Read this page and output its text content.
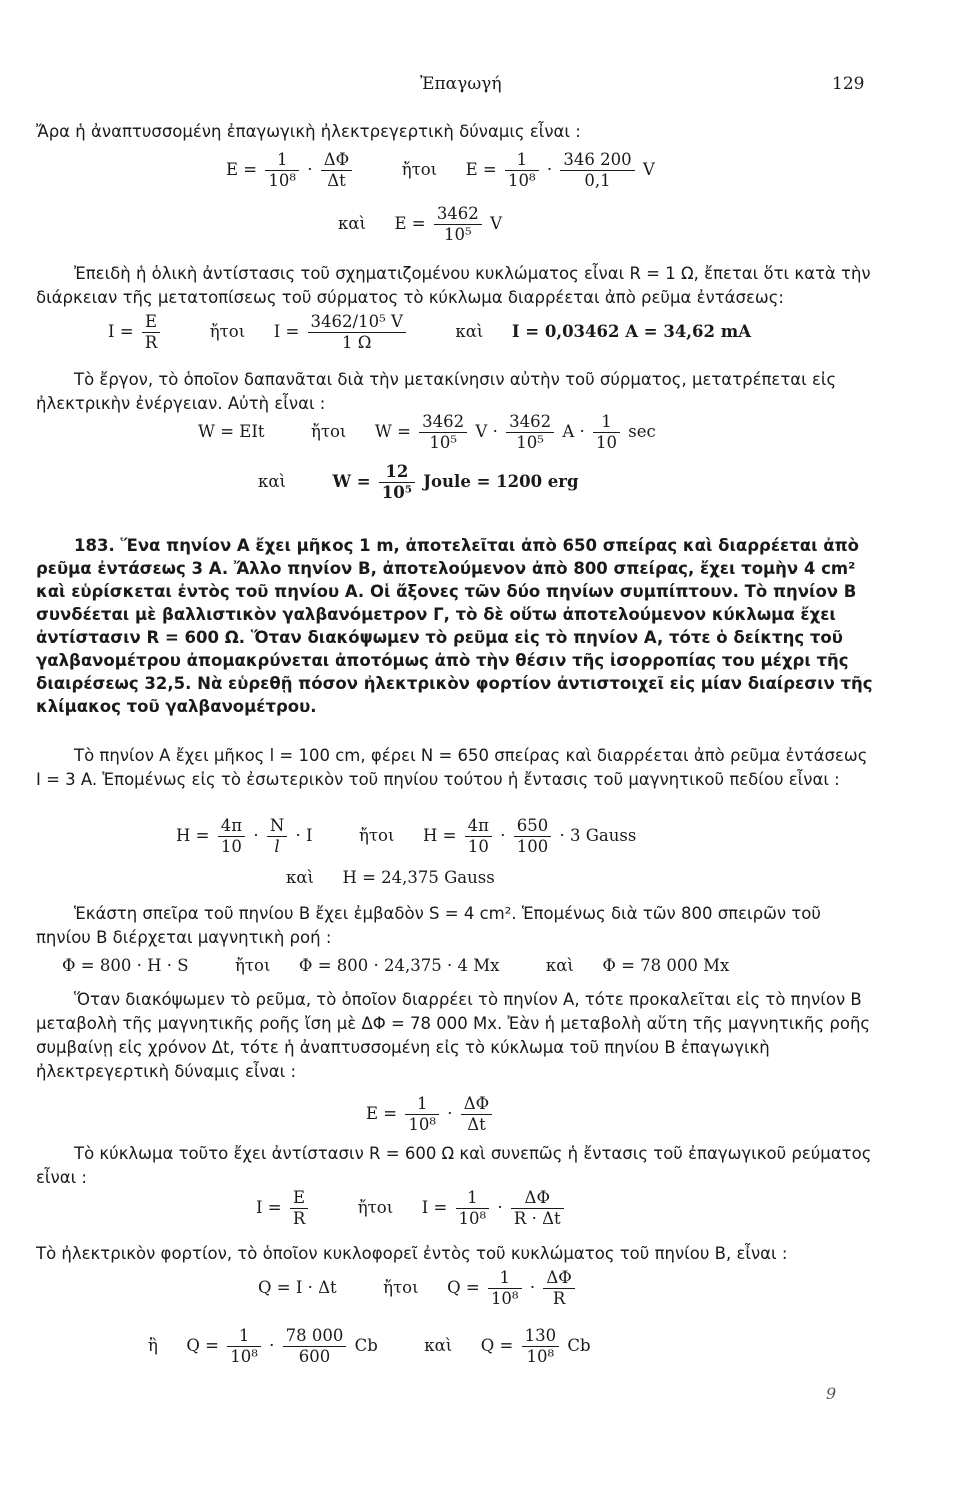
Ἐπαγωγή	129

Ἄρα ἡ ἀναπτυσσομένη ἐπαγωγικὴ ἠλεκτρεγερτικὴ δύναμις εἶναι :

$E = \frac{1}{\text{10⁸}} \cdot \frac{\Delta\Phi}{\Delta t}$	ἤτοι $E = \frac{1}{\text{10⁸}} \cdot \frac{346 200}{0,1}$ V
καὶ $E = \frac{3462}{\text{10⁵}}$ V

Ἐπειδὴ ἡ ὁλικὴ ἀντίστασις τοῦ σχηματιζομένου κυκλώματος εἶναι R = 1 Ω, ἔπεται ὅτι κατὰ τὴν διάρκειαν τῆς μετατοπίσεως τοῦ σύρματος τὸ κύκλωμα διαρρέεται ἀπὸ ρεῦμα ἐντάσεως:

$I = \frac{E}{R}$	ἤτοι $I = \frac{\text{3462/10⁵ V}}{1 \Omega}$	καὶ I = 0,03462 A = 34,62 mA

Τὸ ἔργον, τὸ ὁποῖον δαπανᾶται διὰ τὴν μετακίνησιν αὐτὴν τοῦ σύρματος, μετατρέπεται εἰς ἠλεκτρικὴν ἐνέργειαν. Αὐτὴ εἶναι :

W = EIt	ἤτοι $W = \frac{3462}{\text{10⁵}}$ $V \cdot \frac{3462}{\text{10⁵}}$ $A \cdot \frac{1}{10}$ sec
καὶ	$W = \frac{12}{\text{10⁵}}$ Joule = 1200 erg

183. Ἕνα πηνίον A ἔχει μῆκος 1 m, ἀποτελεῖται ἀπὸ 650 σπείρας καὶ διαρρέεται ἀπὸ ρεῦμα ἐντάσεως 3 A. Ἄλλο πηνίον B, ἀποτελούμενον ἀπὸ 800 σπείρας, ἔχει τομὴν 4 cm² καὶ εὑρίσκεται ἐντὸς τοῦ πηνίου A. Οἱ ἄξονες τῶν δύο πηνίων συμπίπτουν. Τὸ πηνίον B συνδέεται μὲ βαλλιστικὸν γαλβανόμετρον Γ, τὸ δὲ οὕτω ἀποτελούμενον κύκλωμα ἔχει ἀντίστασιν R = 600 Ω. Ὅταν διακόψωμεν τὸ ρεῦμα εἰς τὸ πηνίον A, τότε ὁ δείκτης τοῦ γαλβανομέτρου ἀπομακρύνεται ἀποτόμως ἀπὸ τὴν θέσιν τῆς ἰσορροπίας του μέχρι τῆς διαιρέσεως 32,5. Νὰ εὑρεθῇ πόσον ἠλεκτρικὸν φορτίον ἀντιστοιχεῖ εἰς μίαν διαίρεσιν τῆς κλίμακος τοῦ γαλβανομέτρου.

Τὸ πηνίον A ἔχει μῆκος l = 100 cm, φέρει N = 650 σπείρας καὶ διαρρέεται ἀπὸ ρεῦμα ἐντάσεως I = 3 A. Ἑπομένως εἰς τὸ ἐσωτερικὸν τοῦ πηνίου τούτου ἡ ἔντασις τοῦ μαγνητικοῦ πεδίου εἶναι :

$H = \frac{4\pi}{10} \cdot \frac{N}{l} \cdot I$	ἤτοι $H = \frac{4\pi}{10} \cdot \frac{650}{100} \cdot 3$ Gauss
καὶ H = 24,375 Gauss

Ἑκάστη σπεῖρα τοῦ πηνίου B ἔχει ἐμβαδὸν S = 4 cm². Ἑπομένως διὰ τῶν 800 σπειρῶν τοῦ πηνίου B διέρχεται μαγνητικὴ ροή :

Φ = 800 · H · S	ἤτοι Φ = 800 · 24,375 · 4 Mx	καὶ Φ = 78 000 Mx

Ὅταν διακόψωμεν τὸ ρεῦμα, τὸ ὁποῖον διαρρέει τὸ πηνίον A, τότε προκαλεῖται εἰς τὸ πηνίον B μεταβολὴ τῆς μαγνητικῆς ροῆς ἴση μὲ ΔΦ = 78 000 Mx. Ἐὰν ἡ μεταβολὴ αὕτη τῆς μαγνητικῆς ροῆς συμβαίνῃ εἰς χρόνον Δt, τότε ἡ ἀναπτυσσομένη εἰς τὸ κύκλωμα τοῦ πηνίου B ἐπαγωγικὴ ἠλεκτρεγερτικὴ δύναμις εἶναι :

$E = \frac{1}{\text{10⁸}} \cdot \frac{\Delta\Phi}{\Delta t}$

Τὸ κύκλωμα τοῦτο ἔχει ἀντίστασιν R = 600 Ω καὶ συνεπῶς ἡ ἔντασις τοῦ ἐπαγωγικοῦ ρεύματος εἶναι :

$I = \frac{E}{R}$	ἤτοι $I = \frac{1}{\text{10⁸}} \cdot \frac{\Delta\Phi}{R \cdot \Delta t}$

Τὸ ἠλεκτρικὸν φορτίον, τὸ ὁποῖον κυκλοφορεῖ ἐντὸς τοῦ κυκλώματος τοῦ πηνίου B, εἶναι :

Q = I · Δt	ἤτοι $Q = \frac{1}{\text{10⁸}} \cdot \frac{\Delta\Phi}{R}$
ἢ $Q = \frac{1}{\text{10⁸}} \cdot \frac{78 000}{600}$ Cb	καὶ $Q = \frac{130}{\text{10⁸}}$ Cb
9
